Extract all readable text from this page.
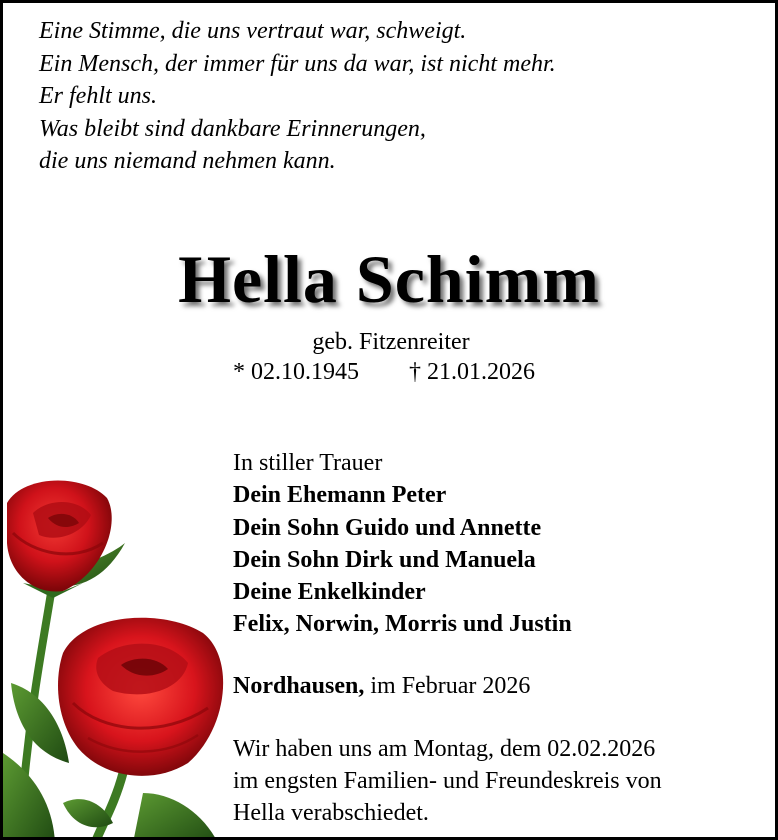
Eine Stimme, die uns vertraut war, schweigt.
Ein Mensch, der immer für uns da war, ist nicht mehr.
Er fehlt uns.
Was bleibt sind dankbare Erinnerungen,
die uns niemand nehmen kann.
Hella Schimm
geb. Fitzenreiter
* 02.10.1945 † 21.01.2026
In stiller Trauer
Dein Ehemann Peter
Dein Sohn Guido und Annette
Dein Sohn Dirk und Manuela
Deine Enkelkinder
Felix, Norwin, Morris und Justin
Nordhausen, im Februar 2026
Wir haben uns am Montag, dem 02.02.2026
im engsten Familien- und Freundeskreis von
Hella verabschiedet.
